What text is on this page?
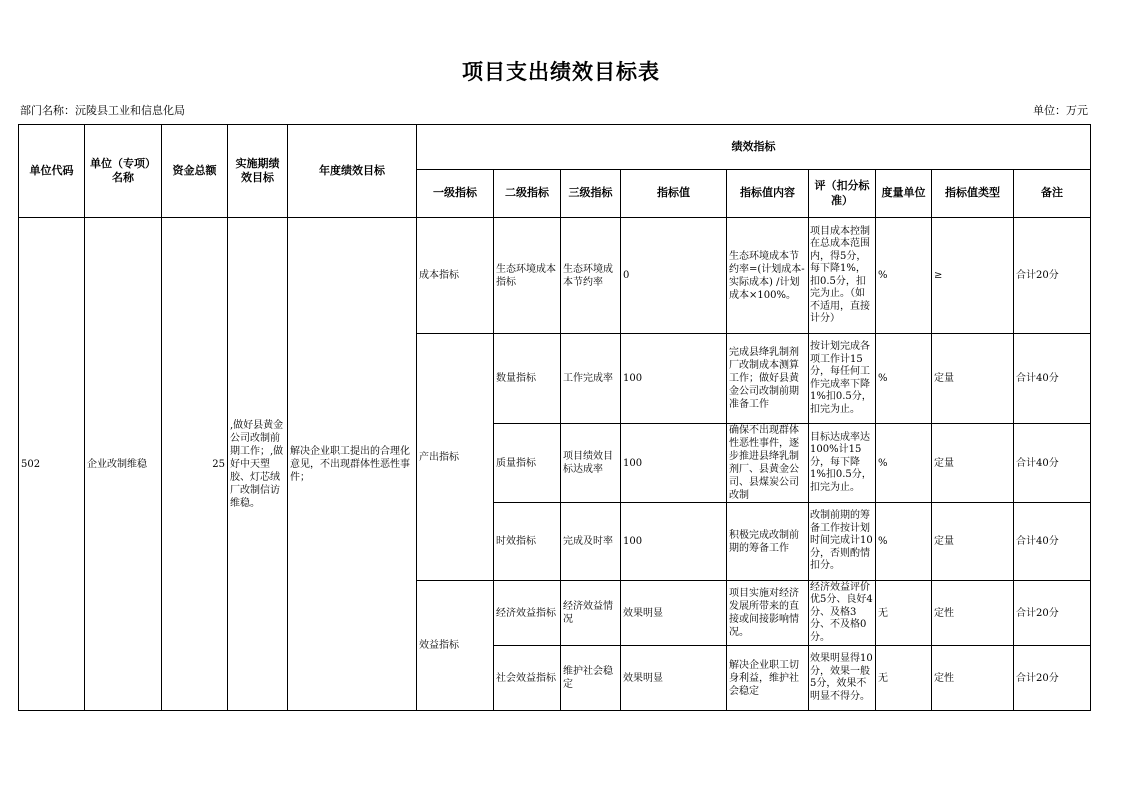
项目支出绩效目标表
部门名称：沅陵县工业和信息化局	单位：万元
单位代码	单位（专项）名称	资金总额	实施期绩效目标	年度绩效目标	绩效指标								
					一级指标	二级指标	三级指标	指标值	指标值内容	评（扣分标准）	度量单位	指标值类型	备注
502	企业改制维稳	25	,做好县黄金公司改制前期工作；,做好中天塑胶、灯芯绒厂改制信访维稳。	解决企业职工提出的合理化意见，不出现群体性恶性事件；	成本指标	生态环境成本指标	生态环境成本节约率	0	生态环境成本节约率=(计划成本-实际成本) /计划成本×100%。	项目成本控制在总成本范围内，得5分，每下降1%，扣0.5分，扣完为止。（如不适用，直接计分）	%	≥	合计20分
					产出指标	数量指标	工作完成率	100	完成县绛乳制剂厂改制成本测算工作；做好县黄金公司改制前期准备工作	按计划完成各项工作计15分，每任何工作完成率下降1%扣0.5分，扣完为止。	%	定量	合计40分
						质量指标	项目绩效目标达成率	100	确保不出现群体性恶性事件，逐步推进县绛乳制剂厂、县黄金公司、县煤炭公司改制	目标达成率达100%计15分，每下降1%扣0.5分，扣完为止。	%	定量	合计40分
						时效指标	完成及时率	100	积极完成改制前期的筹备工作	改制前期的筹备工作按计划时间完成计10分，否则酌情扣分。	%	定量	合计40分
					效益指标	经济效益指标	经济效益情况	效果明显	项目实施对经济发展所带来的直接或间接影响情况。	经济效益评价优5分、良好4分、及格3分、不及格0分。	无	定性	合计20分
						社会效益指标	维护社会稳定	效果明显	解决企业职工切身利益，维护社会稳定	效果明显得10分，效果一般5分，效果不明显不得分。	无	定性	合计20分
